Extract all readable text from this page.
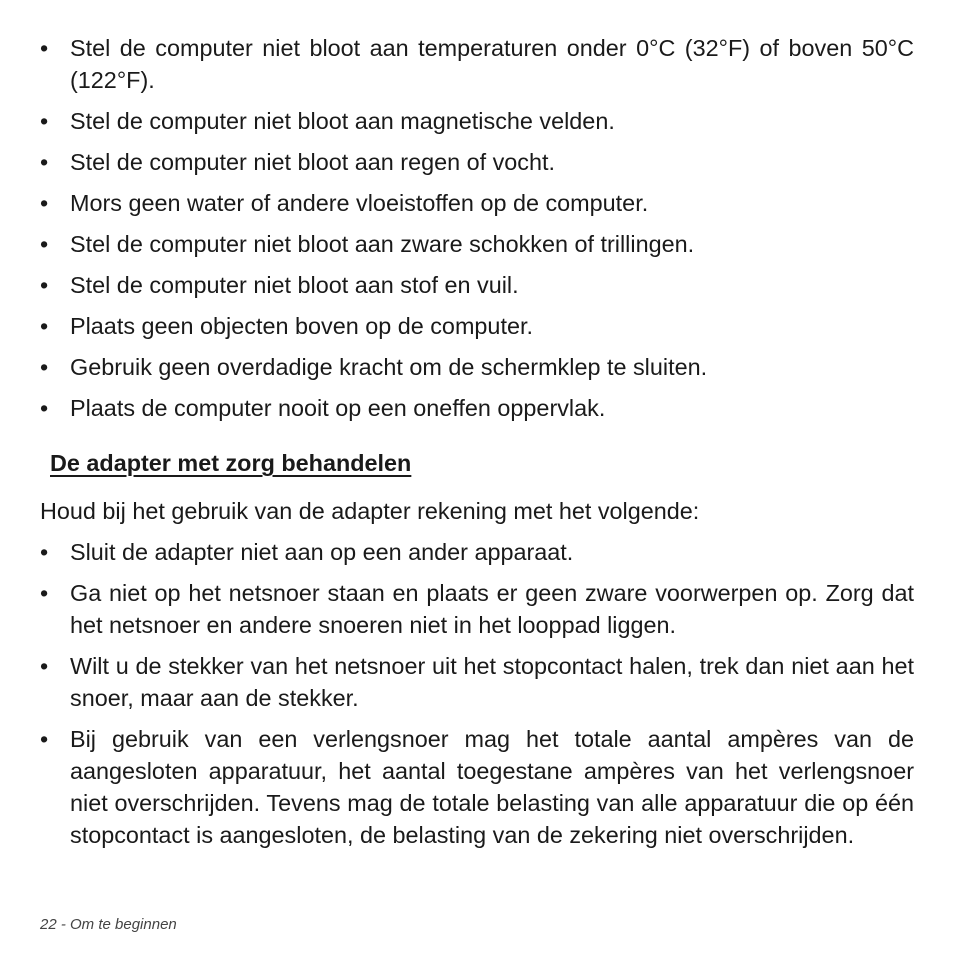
• Stel de computer niet bloot aan temperaturen onder 0°C (32°F) of boven 50°C (122°F).
• Stel de computer niet bloot aan magnetische velden.
• Stel de computer niet bloot aan regen of vocht.
• Mors geen water of andere vloeistoffen op de computer.
• Stel de computer niet bloot aan zware schokken of trillingen.
• Stel de computer niet bloot aan stof en vuil.
• Plaats geen objecten boven op de computer.
• Gebruik geen overdadige kracht om de schermklep te sluiten.
• Plaats de computer nooit op een oneffen oppervlak.
De adapter met zorg behandelen
Houd bij het gebruik van de adapter rekening met het volgende:
• Sluit de adapter niet aan op een ander apparaat.
• Ga niet op het netsnoer staan en plaats er geen zware voorwerpen op. Zorg dat het netsnoer en andere snoeren niet in het looppad liggen.
• Wilt u de stekker van het netsnoer uit het stopcontact halen, trek dan niet aan het snoer, maar aan de stekker.
• Bij gebruik van een verlengsnoer mag het totale aantal ampères van de aangesloten apparatuur, het aantal toegestane ampères van het verlengsnoer niet overschrijden. Tevens mag de totale belasting van alle apparatuur die op één stopcontact is aangesloten, de belasting van de zekering niet overschrijden.
22 - Om te beginnen
